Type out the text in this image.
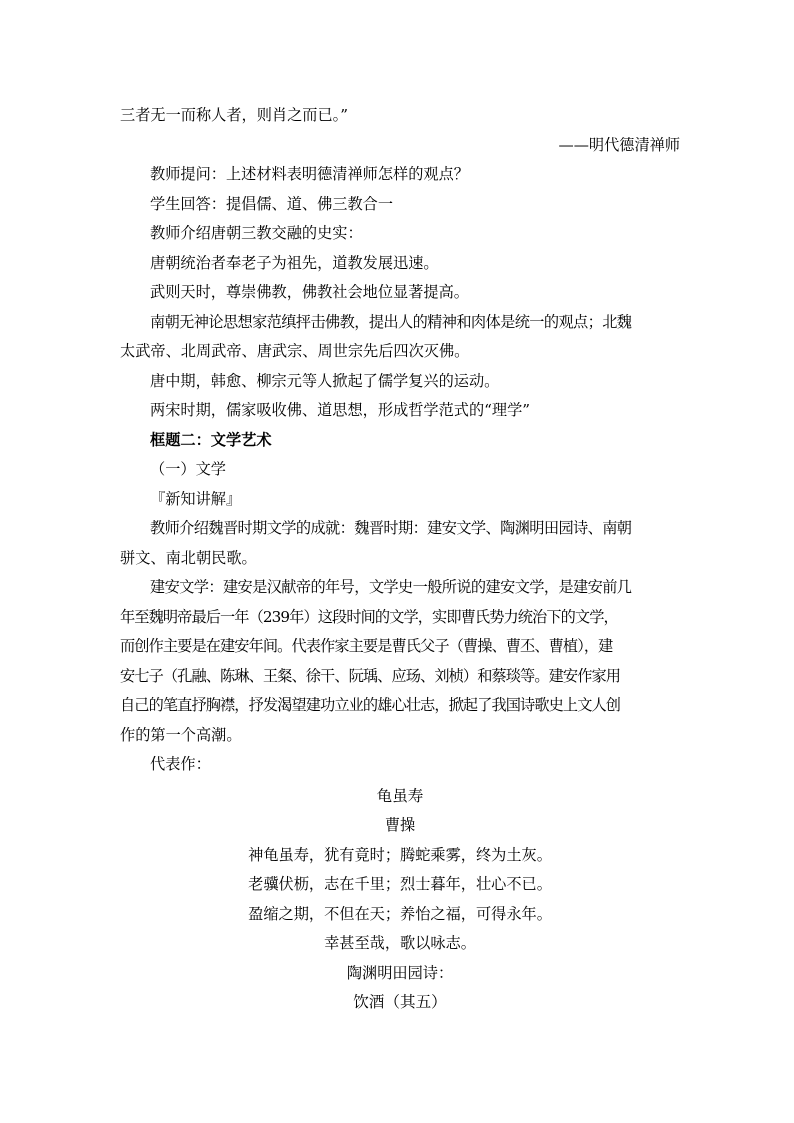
三者无一而称人者，则肖之而已。”
——明代德清禅师
教师提问：上述材料表明德清禅师怎样的观点？
学生回答：提倡儒、道、佛三教合一
教师介绍唐朝三教交融的史实：
唐朝统治者奉老子为祖先，道教发展迅速。
武则天时，尊崇佛教，佛教社会地位显著提高。
南朝无神论思想家范缜抨击佛教，提出人的精神和肉体是统一的观点；北魏
太武帝、北周武帝、唐武宗、周世宗先后四次灭佛。
唐中期，韩愈、柳宗元等人掀起了儒学复兴的运动。
两宋时期，儒家吸收佛、道思想，形成哲学范式的“理学”
框题二：文学艺术
（一）文学
『新知讲解』
教师介绍魏晋时期文学的成就：魏晋时期：建安文学、陶渊明田园诗、南朝
骈文、南北朝民歌。
建安文学：建安是汉献帝的年号，文学史一般所说的建安文学，是建安前几
年至魏明帝最后一年（239年）这段时间的文学，实即曹氏势力统治下的文学，
而创作主要是在建安年间。代表作家主要是曹氏父子（曹操、曹丕、曹植），建
安七子（孔融、陈琳、王粲、徐干、阮瑀、应玚、刘桢）和蔡琰等。建安作家用
自己的笔直抒胸襟，抒发渴望建功立业的雄心壮志，掀起了我国诗歌史上文人创
作的第一个高潮。
代表作：
龟虽寿
曹操
神龟虽寿，犹有竟时；腾蛇乘雾，终为土灰。
老骥伏枥，志在千里；烈士暮年，壮心不已。
盈缩之期，不但在天；养怡之福，可得永年。
幸甚至哉，歌以咏志。
陶渊明田园诗：
饮酒（其五）
